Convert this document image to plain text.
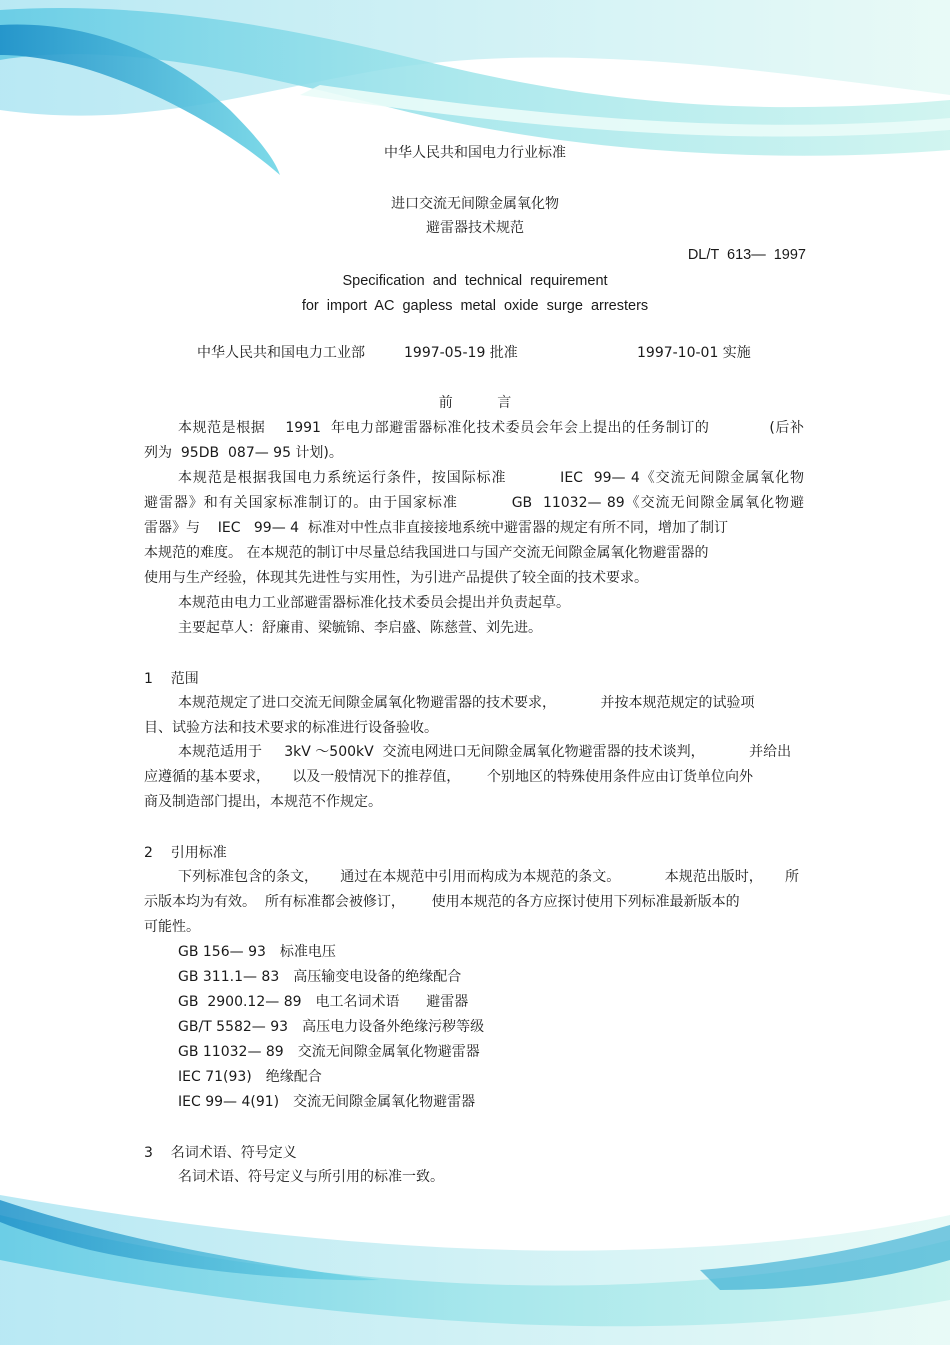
中华人民共和国电力行业标准
进口交流无间隙金属氧化物
避雷器技术规范
DL/T 613— 1997
Specification and technical requirement
for import AC gapless metal oxide surge arresters
中华人民共和国电力工业部	1997-05-19 批准	1997-10-01 实施
前          言
本规范是根据    1991  年电力部避雷器标准化技术委员会年会上提出的任务制订的            (后补
列为  95DB  087— 95 计划)。
本规范是根据我国电力系统运行条件，按国际标准          IEC  99— 4《交流无间隙金属氧化物
避雷器》和有关国家标准制订的。由于国家标准          GB  11032— 89《交流无间隙金属氧化物避
雷器》与    IEC   99— 4  标准对中性点非直接接地系统中避雷器的规定有所不同，增加了制订
本规范的难度。 在本规范的制订中尽量总结我国进口与国产交流无间隙金属氧化物避雷器的
使用与生产经验，体现其先进性与实用性，为引进产品提供了较全面的技术要求。
本规范由电力工业部避雷器标准化技术委员会提出并负责起草。
主要起草人：舒廉甫、梁毓锦、李启盛、陈慈萱、刘先进。
1    范围
本规范规定了进口交流无间隙金属氧化物避雷器的技术要求，          并按本规范规定的试验项
目、试验方法和技术要求的标准进行设备验收。
本规范适用于     3kV ～500kV  交流电网进口无间隙金属氧化物避雷器的技术谈判，          并给出
应遵循的基本要求，     以及一般情况下的推荐值，      个别地区的特殊使用条件应由订货单位向外
商及制造部门提出，本规范不作规定。
2    引用标准
下列标准包含的条文，     通过在本规范中引用而构成为本规范的条文。          本规范出版时，     所
示版本均为有效。  所有标准都会被修订，      使用本规范的各方应探讨使用下列标准最新版本的
可能性。
GB 156— 93 标准电压
GB 311.1— 83 高压输变电设备的绝缘配合
GB  2900.12— 89 电工名词术语      避雷器
GB/T 5582— 93 高压电力设备外绝缘污秽等级
GB 11032— 89 交流无间隙金属氧化物避雷器
IEC 71(93) 绝缘配合
IEC 99— 4(91) 交流无间隙金属氧化物避雷器
3    名词术语、符号定义
名词术语、符号定义与所引用的标准一致。
